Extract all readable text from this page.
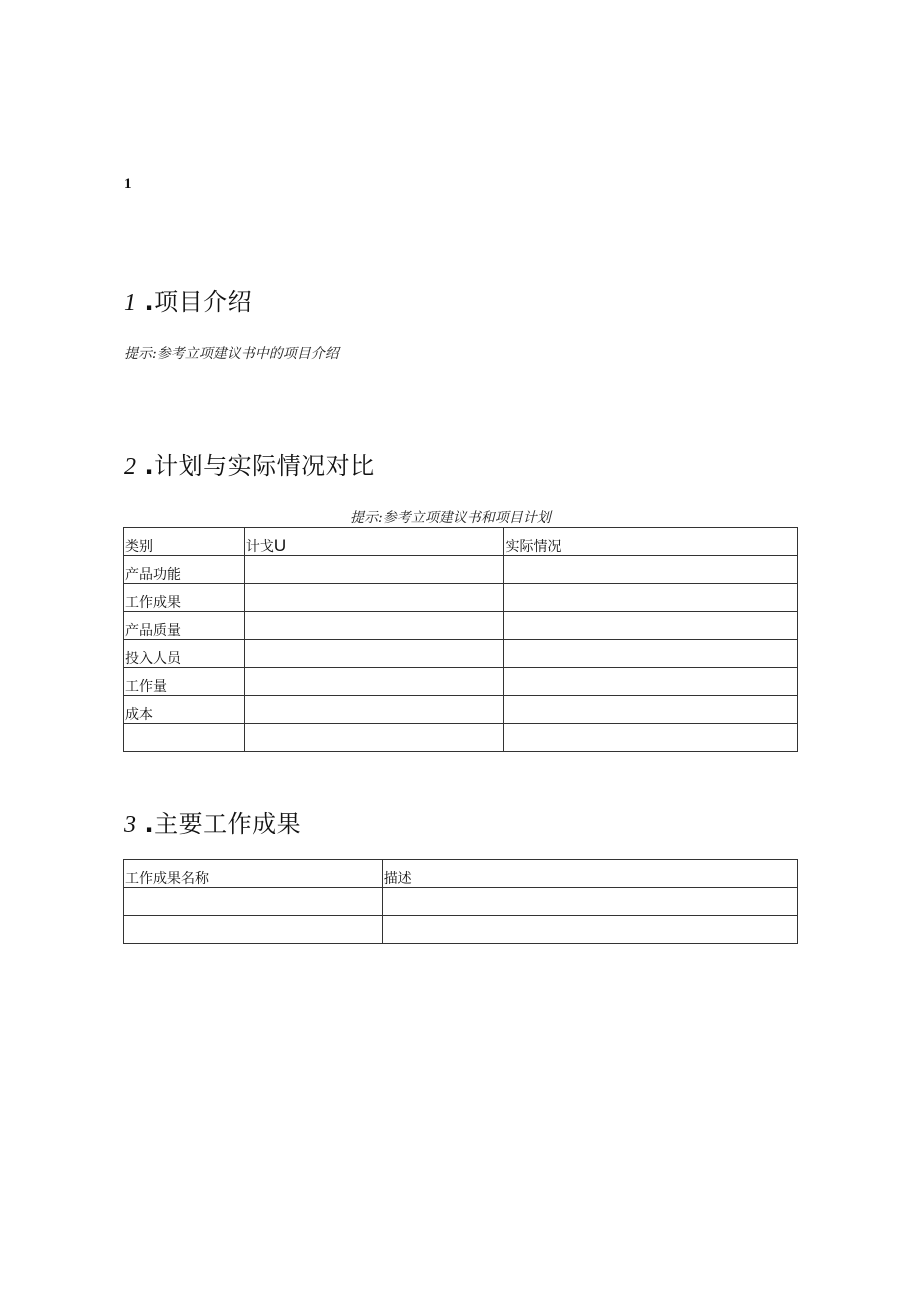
1
1 .项目介绍
提示:参考立项建议书中的项目介绍
2 .计划与实际情况对比
提示:参考立项建议书和项目计划
类别	计戈U	实际情况
产品功能		
工作成果		
产品质量		
投入人员		
工作量		
成本		

3 .主要工作成果
工作成果名称	描述
